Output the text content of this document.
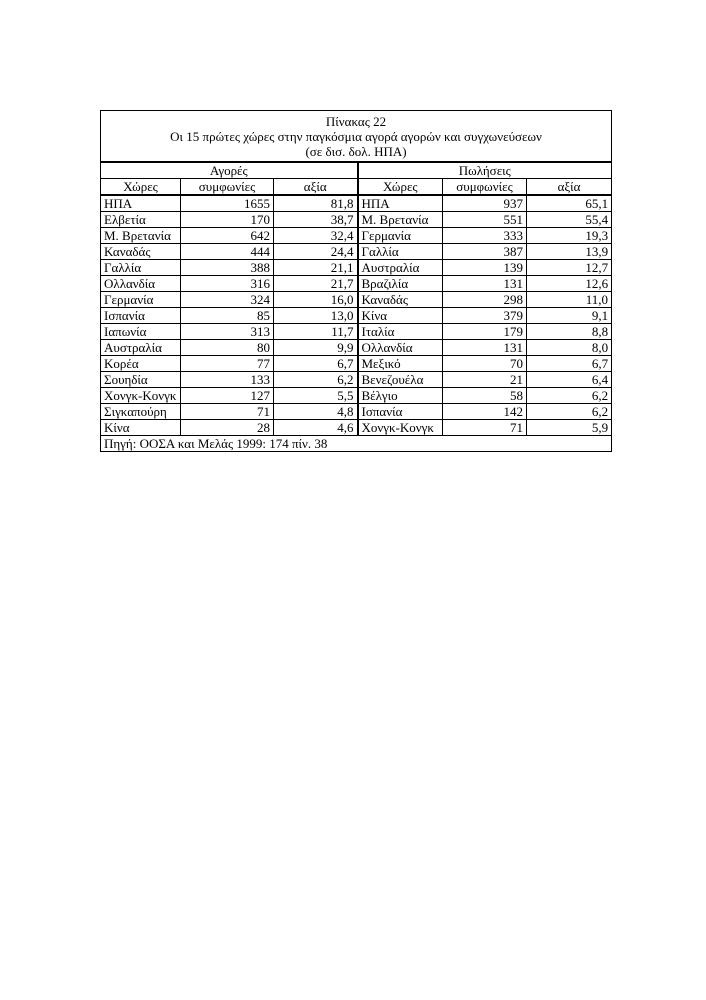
Πίνακας 22
Οι 15 πρώτες χώρες στην παγκόσμια αγορά αγορών και συγχωνεύσεων
(σε δισ. δολ. ΗΠΑ)					

Αγορές			Πωλήσεις		
Χώρες	συμφωνίες	αξία	Χώρες	συμφωνίες	αξία
ΗΠΑ	1655	81,8	ΗΠΑ	937	65,1
Ελβετία	170	38,7	Μ. Βρετανία	551	55,4
Μ. Βρετανία	642	32,4	Γερμανία	333	19,3
Καναδάς	444	24,4	Γαλλία	387	13,9
Γαλλία	388	21,1	Αυστραλία	139	12,7
Ολλανδία	316	21,7	Βραζιλία	131	12,6
Γερμανία	324	16,0	Καναδάς	298	11,0
Ισπανία	85	13,0	Κίνα	379	9,1
Ιαπωνία	313	11,7	Ιταλία	179	8,8
Αυστραλία	80	9,9	Ολλανδία	131	8,0
Κορέα	77	6,7	Μεξικό	70	6,7
Σουηδία	133	6,2	Βενεζουέλα	21	6,4
Χονγκ-Κονγκ	127	5,5	Βέλγιο	58	6,2
Σιγκαπούρη	71	4,8	Ισπανία	142	6,2
Κίνα	28	4,6	Χονγκ-Κονγκ	71	5,9
Πηγή: ΟΟΣΑ και Μελάς 1999: 174 πίν. 38					
